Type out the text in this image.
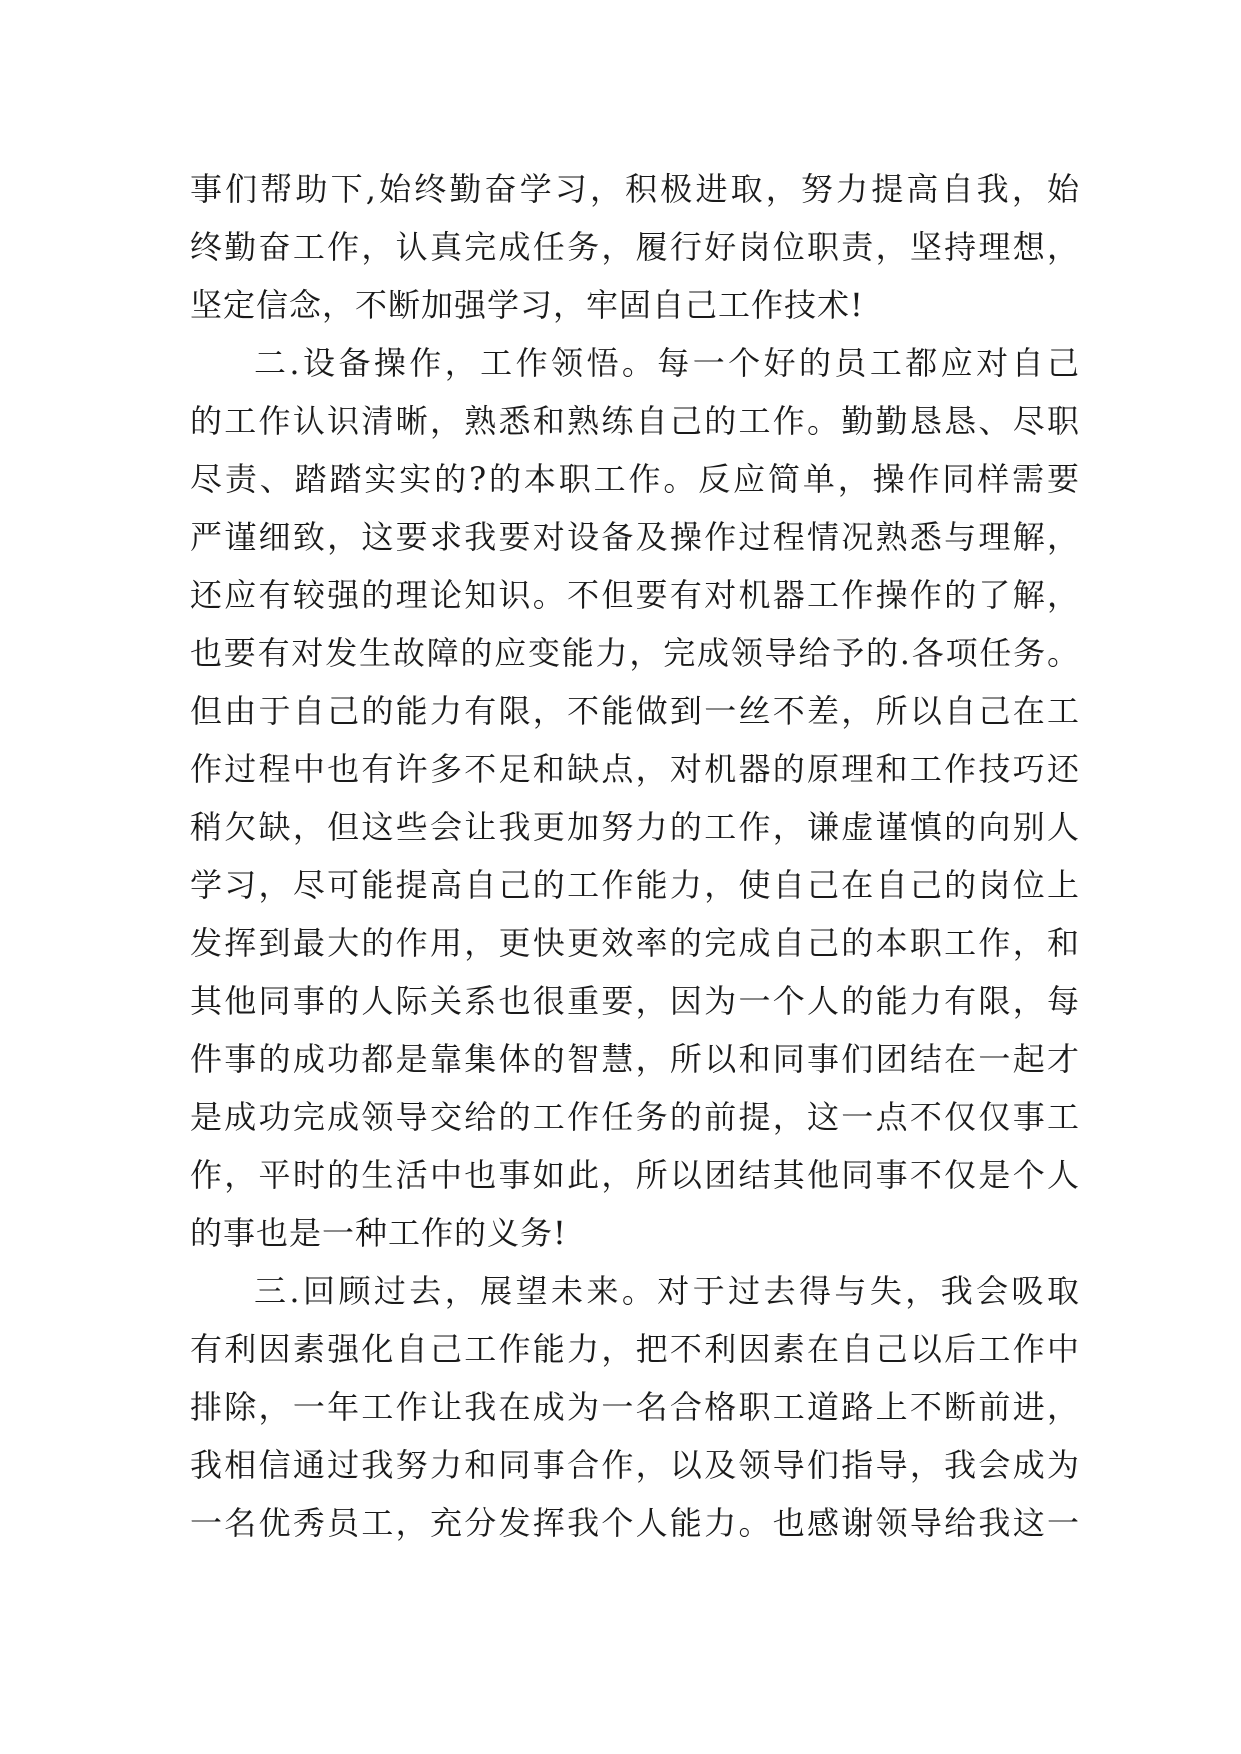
事们帮助下,始终勤奋学习，积极进取，努力提高自我，始
终勤奋工作，认真完成任务，履行好岗位职责，坚持理想，
坚定信念，不断加强学习，牢固自己工作技术!
二.设备操作，工作领悟。每一个好的员工都应对自己
的工作认识清晰，熟悉和熟练自己的工作。勤勤恳恳、尽职
尽责、踏踏实实的?的本职工作。反应简单，操作同样需要
严谨细致，这要求我要对设备及操作过程情况熟悉与理解，
还应有较强的理论知识。不但要有对机器工作操作的了解，
也要有对发生故障的应变能力，完成领导给予的.各项任务。
但由于自己的能力有限，不能做到一丝不差，所以自己在工
作过程中也有许多不足和缺点，对机器的原理和工作技巧还
稍欠缺，但这些会让我更加努力的工作，谦虚谨慎的向别人
学习，尽可能提高自己的工作能力，使自己在自己的岗位上
发挥到最大的作用，更快更效率的完成自己的本职工作，和
其他同事的人际关系也很重要，因为一个人的能力有限，每
件事的成功都是靠集体的智慧，所以和同事们团结在一起才
是成功完成领导交给的工作任务的前提，这一点不仅仅事工
作，平时的生活中也事如此，所以团结其他同事不仅是个人
的事也是一种工作的义务!
三.回顾过去，展望未来。对于过去得与失，我会吸取
有利因素强化自己工作能力，把不利因素在自己以后工作中
排除，一年工作让我在成为一名合格职工道路上不断前进，
我相信通过我努力和同事合作，以及领导们指导，我会成为
一名优秀员工，充分发挥我个人能力。也感谢领导给我这一
